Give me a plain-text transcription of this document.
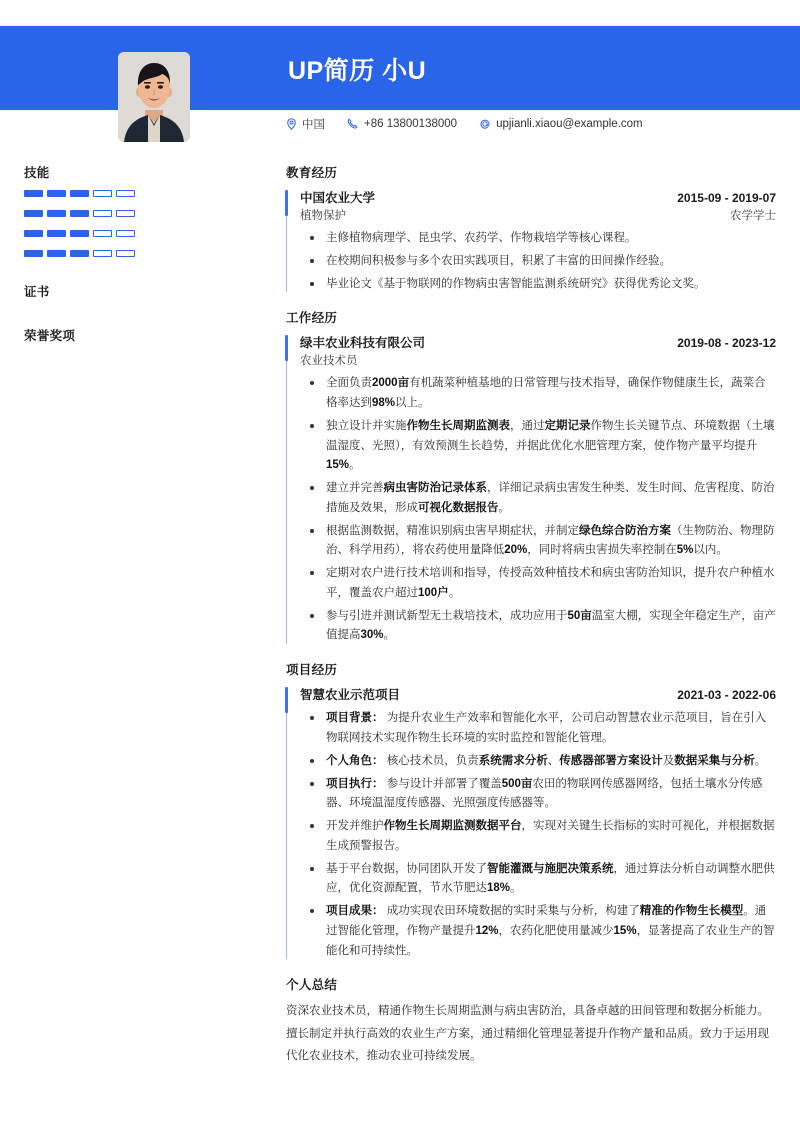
UP简历 小U
中国	+86 13800138000	upjianli.xiaou@example.com
技能
证书
荣誉奖项
教育经历
中国农业大学	2015-09 - 2019-07
植物保护	农学学士
主修植物病理学、昆虫学、农药学、作物栽培学等核心课程。
在校期间积极参与多个农田实践项目，积累了丰富的田间操作经验。
毕业论文《基于物联网的作物病虫害智能监测系统研究》获得优秀论文奖。
工作经历
绿丰农业科技有限公司	2019-08 - 2023-12
农业技术员
全面负责2000亩有机蔬菜种植基地的日常管理与技术指导，确保作物健康生长，蔬菜合格率达到98%以上。
独立设计并实施作物生长周期监测表，通过定期记录作物生长关键节点、环境数据（土壤温湿度、光照），有效预测生长趋势，并据此优化水肥管理方案，使作物产量平均提升15%。
建立并完善病虫害防治记录体系，详细记录病虫害发生种类、发生时间、危害程度、防治措施及效果，形成可视化数据报告。
根据监测数据，精准识别病虫害早期症状，并制定绿色综合防治方案（生物防治、物理防治、科学用药），将农药使用量降低20%，同时将病虫害损失率控制在5%以内。
定期对农户进行技术培训和指导，传授高效种植技术和病虫害防治知识，提升农户种植水平，覆盖农户超过100户。
参与引进并测试新型无土栽培技术，成功应用于50亩温室大棚，实现全年稳定生产，亩产值提高30%。
项目经历
智慧农业示范项目	2021-03 - 2022-06
项目背景： 为提升农业生产效率和智能化水平，公司启动智慧农业示范项目，旨在引入物联网技术实现作物生长环境的实时监控和智能化管理。
个人角色： 核心技术员，负责系统需求分析、传感器部署方案设计及数据采集与分析。
项目执行： 参与设计并部署了覆盖500亩农田的物联网传感器网络，包括土壤水分传感器、环境温湿度传感器、光照强度传感器等。
开发并维护作物生长周期监测数据平台，实现对关键生长指标的实时可视化，并根据数据生成预警报告。
基于平台数据，协同团队开发了智能灌溉与施肥决策系统，通过算法分析自动调整水肥供应，优化资源配置，节水节肥达18%。
项目成果： 成功实现农田环境数据的实时采集与分析，构建了精准的作物生长模型。通过智能化管理，作物产量提升12%，农药化肥使用量减少15%，显著提高了农业生产的智能化和可持续性。
个人总结
资深农业技术员，精通作物生长周期监测与病虫害防治，具备卓越的田间管理和数据分析能力。擅长制定并执行高效的农业生产方案，通过精细化管理显著提升作物产量和品质。致力于运用现代化农业技术，推动农业可持续发展。
